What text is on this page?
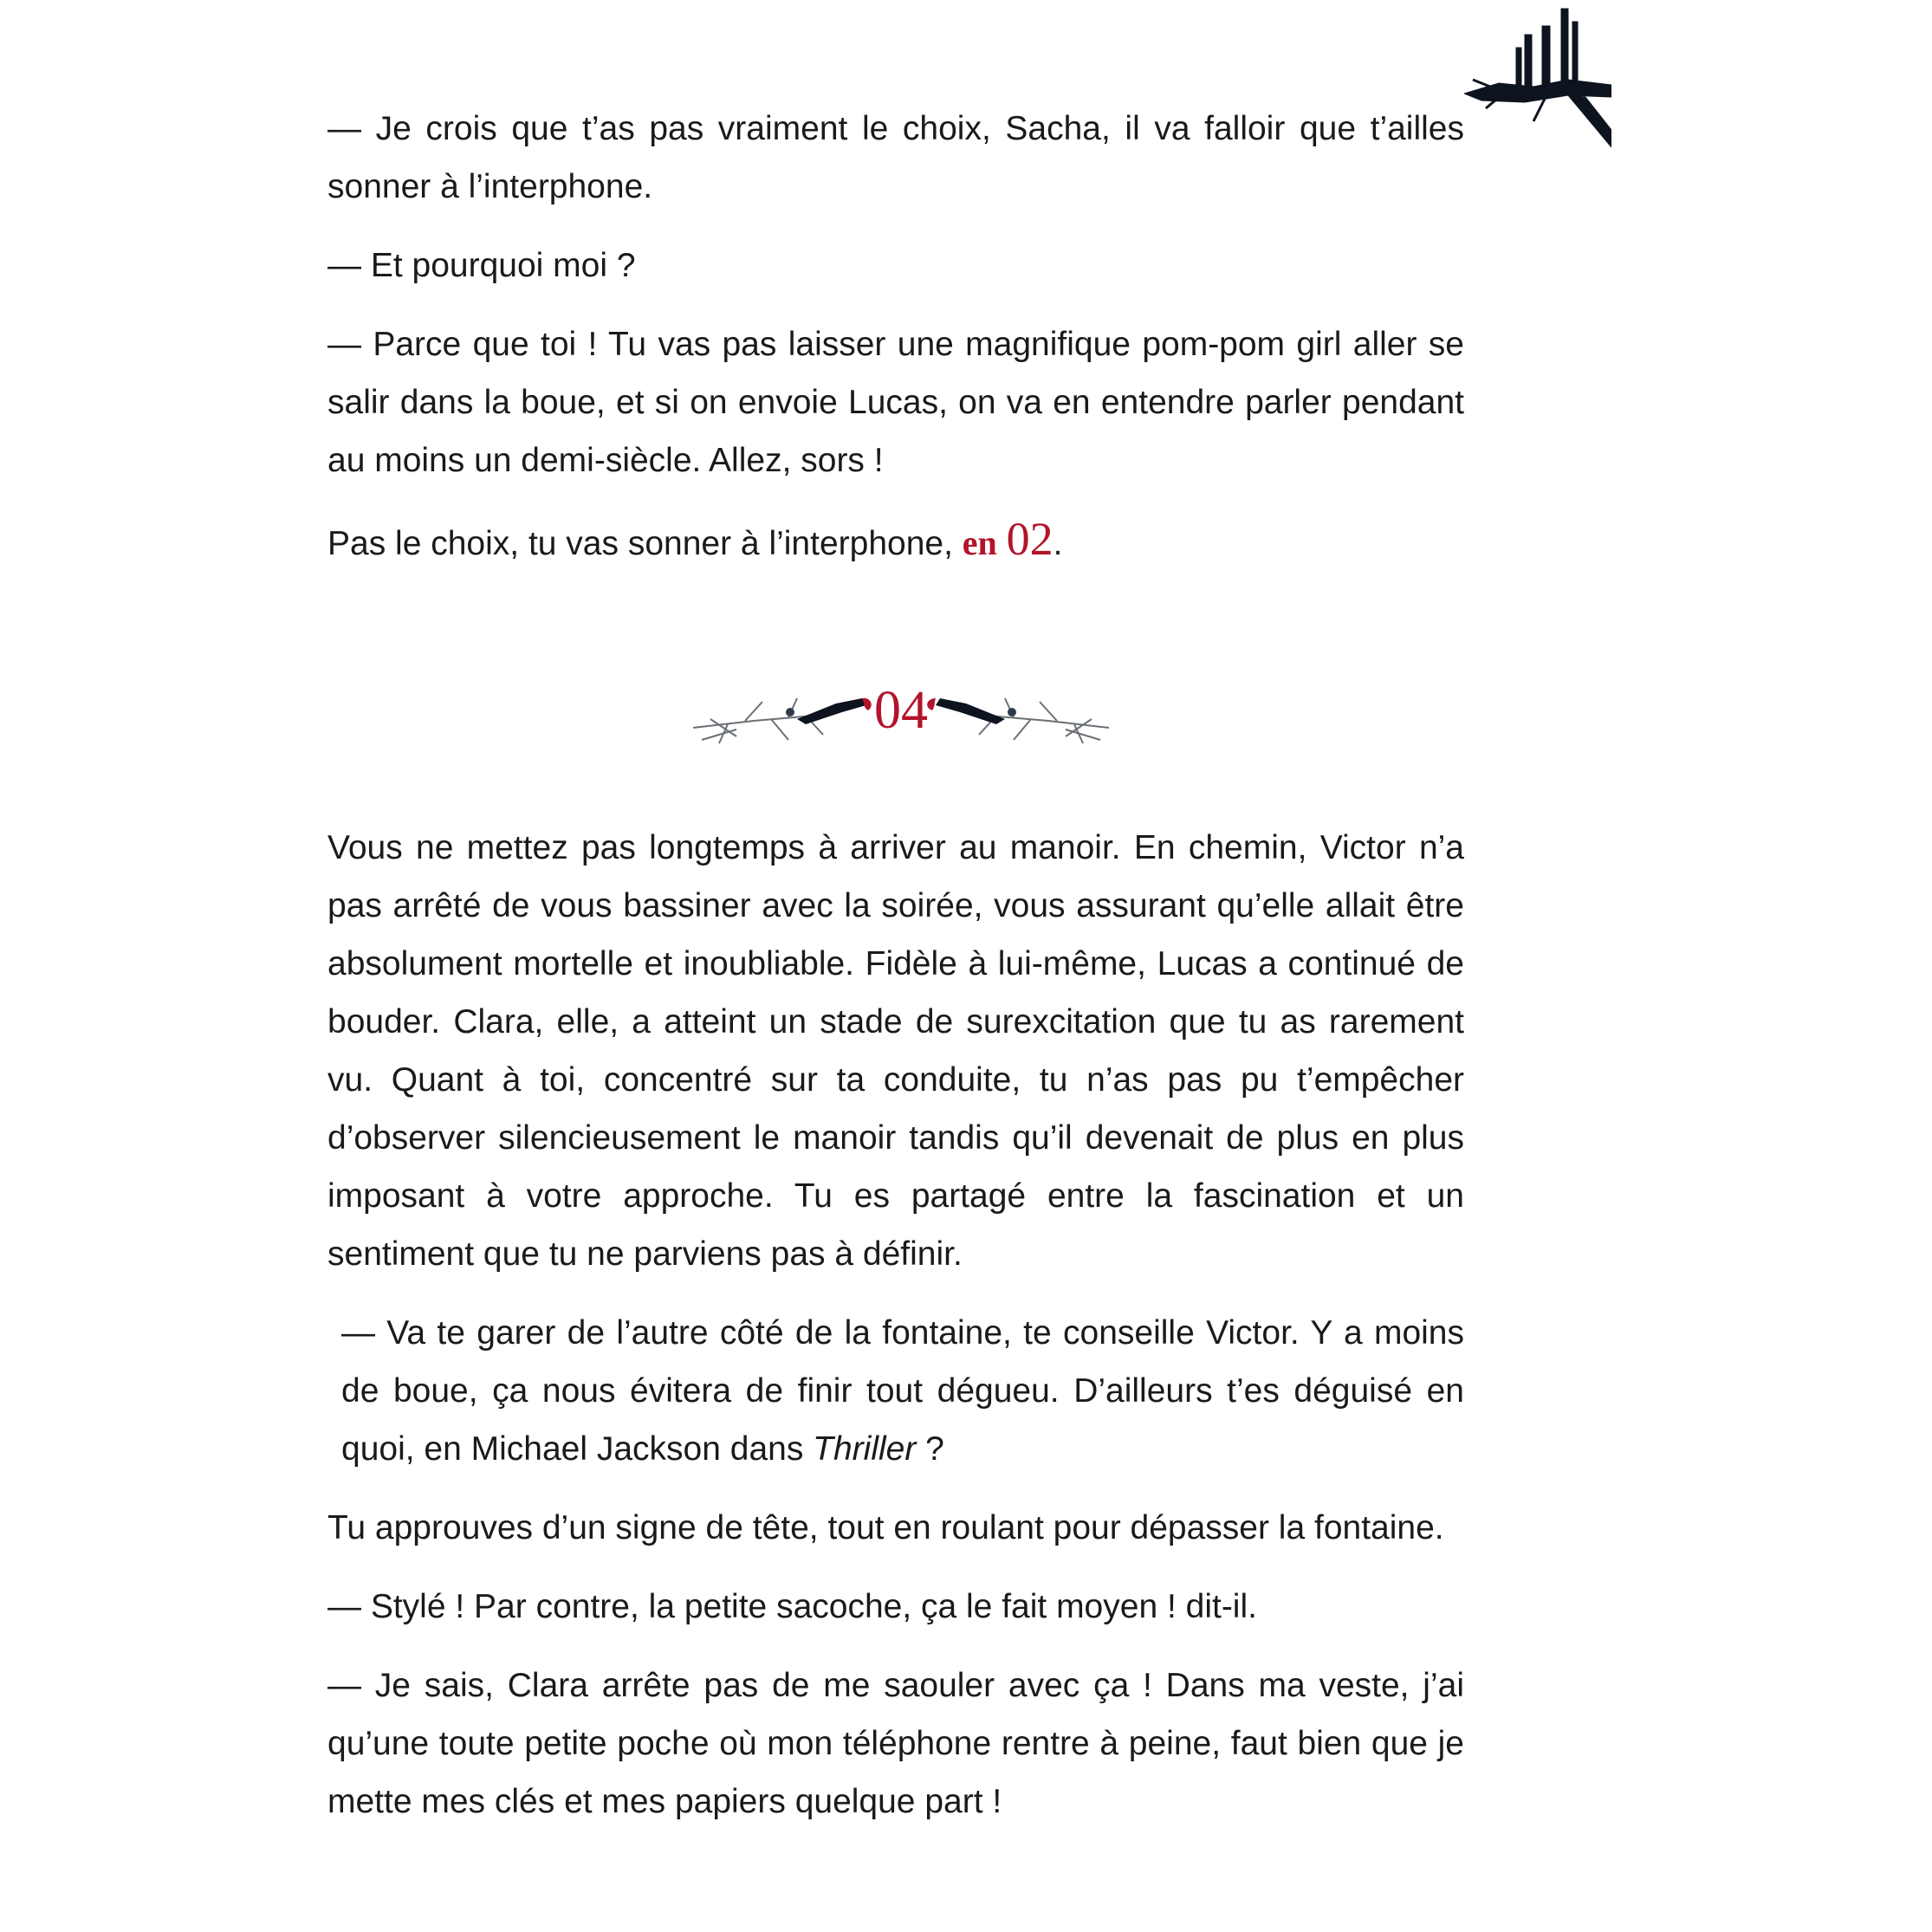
— Je crois que t’as pas vraiment le choix, Sacha, il va falloir que t’ailles sonner à l’interphone.

— Et pourquoi moi ?

— Parce que toi ! Tu vas pas laisser une magnifique pom-pom girl aller se salir dans la boue, et si on envoie Lucas, on va en entendre parler pendant au moins un demi-siècle. Allez, sors !

Pas le choix, tu vas sonner à l’interphone, en 02.

04

Vous ne mettez pas longtemps à arriver au manoir. En chemin, Victor n’a pas arrêté de vous bassiner avec la soirée, vous assurant qu’elle allait être absolument mortelle et inoubliable. Fidèle à lui-même, Lucas a continué de bouder. Clara, elle, a atteint un stade de surexcitation que tu as rarement vu. Quant à toi, concentré sur ta conduite, tu n’as pas pu t’empêcher d’observer silencieusement le manoir tandis qu’il devenait de plus en plus imposant à votre approche. Tu es partagé entre la fascination et un sentiment que tu ne parviens pas à définir.

— Va te garer de l’autre côté de la fontaine, te conseille Victor. Y a moins de boue, ça nous évitera de finir tout dégueu. D’ailleurs t’es déguisé en quoi, en Michael Jackson dans Thriller ?

Tu approuves d’un signe de tête, tout en roulant pour dépasser la fontaine.

— Stylé ! Par contre, la petite sacoche, ça le fait moyen ! dit-il.

— Je sais, Clara arrête pas de me saouler avec ça ! Dans ma veste, j’ai qu’une toute petite poche où mon téléphone rentre à peine, faut bien que je mette mes clés et mes papiers quelque part !
